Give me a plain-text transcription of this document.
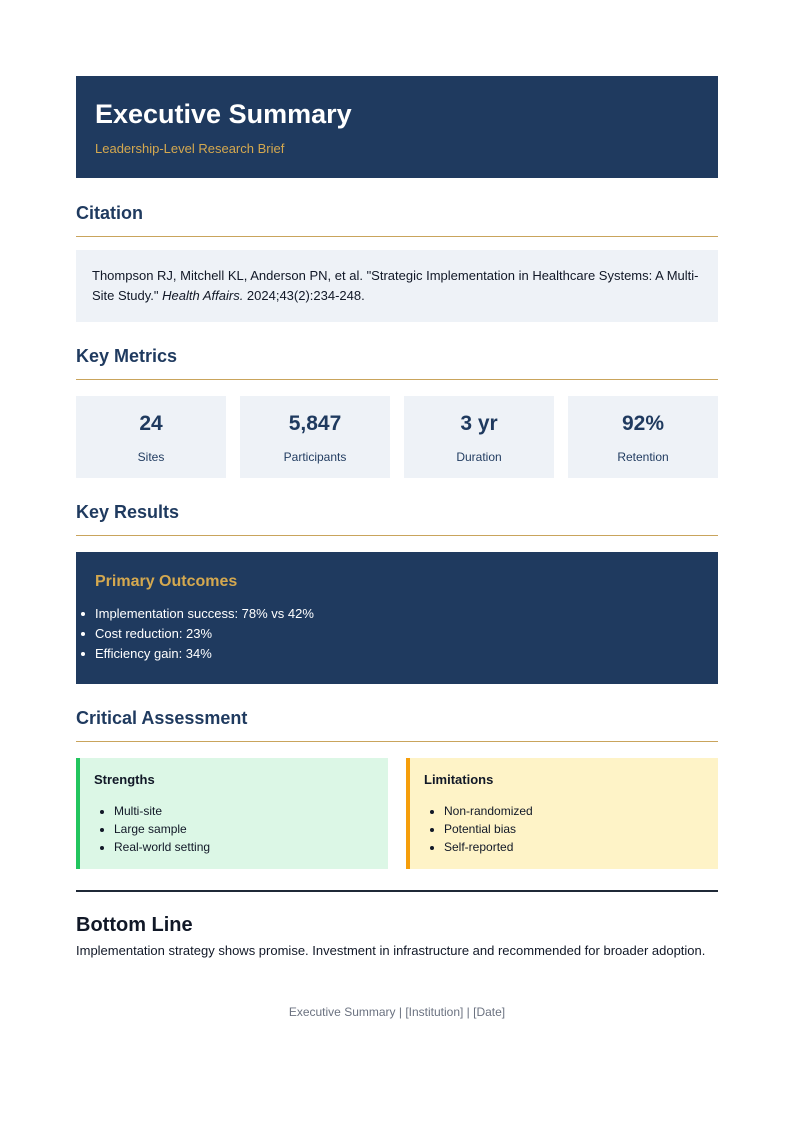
Executive Summary
Leadership-Level Research Brief
Citation
Thompson RJ, Mitchell KL, Anderson PN, et al. "Strategic Implementation in Healthcare Systems: A Multi-Site Study." Health Affairs. 2024;43(2):234-248.
Key Metrics
24
Sites
5,847
Participants
3 yr
Duration
92%
Retention
Key Results
Primary Outcomes
Implementation success: 78% vs 42%
Cost reduction: 23%
Efficiency gain: 34%
Critical Assessment
Strengths
• Multi-site
• Large sample
• Real-world setting
Limitations
• Non-randomized
• Potential bias
• Self-reported
Bottom Line
Implementation strategy shows promise. Investment in infrastructure and recommended for broader adoption.
Executive Summary | [Institution] | [Date]
